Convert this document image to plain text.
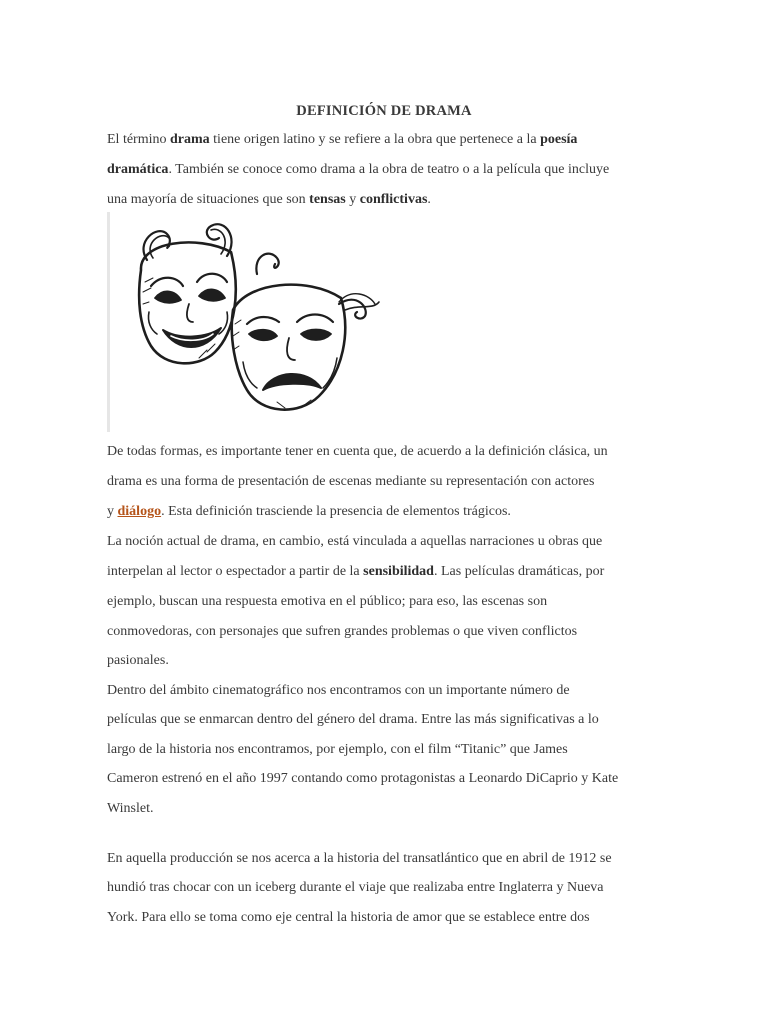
DEFINICIÓN DE DRAMA
El término drama tiene origen latino y se refiere a la obra que pertenece a la poesía
dramática. También se conoce como drama a la obra de teatro o a la película que incluye
una mayoría de situaciones que son tensas y conflictivas.
De todas formas, es importante tener en cuenta que, de acuerdo a la definición clásica, un
drama es una forma de presentación de escenas mediante su representación con actores
y diálogo. Esta definición trasciende la presencia de elementos trágicos.
La noción actual de drama, en cambio, está vinculada a aquellas narraciones u obras que
interpelan al lector o espectador a partir de la sensibilidad. Las películas dramáticas, por
ejemplo, buscan una respuesta emotiva en el público; para eso, las escenas son
conmovedoras, con personajes que sufren grandes problemas o que viven conflictos
pasionales.
Dentro del ámbito cinematográfico nos encontramos con un importante número de
películas que se enmarcan dentro del género del drama. Entre las más significativas a lo
largo de la historia nos encontramos, por ejemplo, con el film “Titanic” que James
Cameron estrenó en el año 1997 contando como protagonistas a Leonardo DiCaprio y Kate
Winslet.
En aquella producción se nos acerca a la historia del transatlántico que en abril de 1912 se
hundió tras chocar con un iceberg durante el viaje que realizaba entre Inglaterra y Nueva
York. Para ello se toma como eje central la historia de amor que se establece entre dos
